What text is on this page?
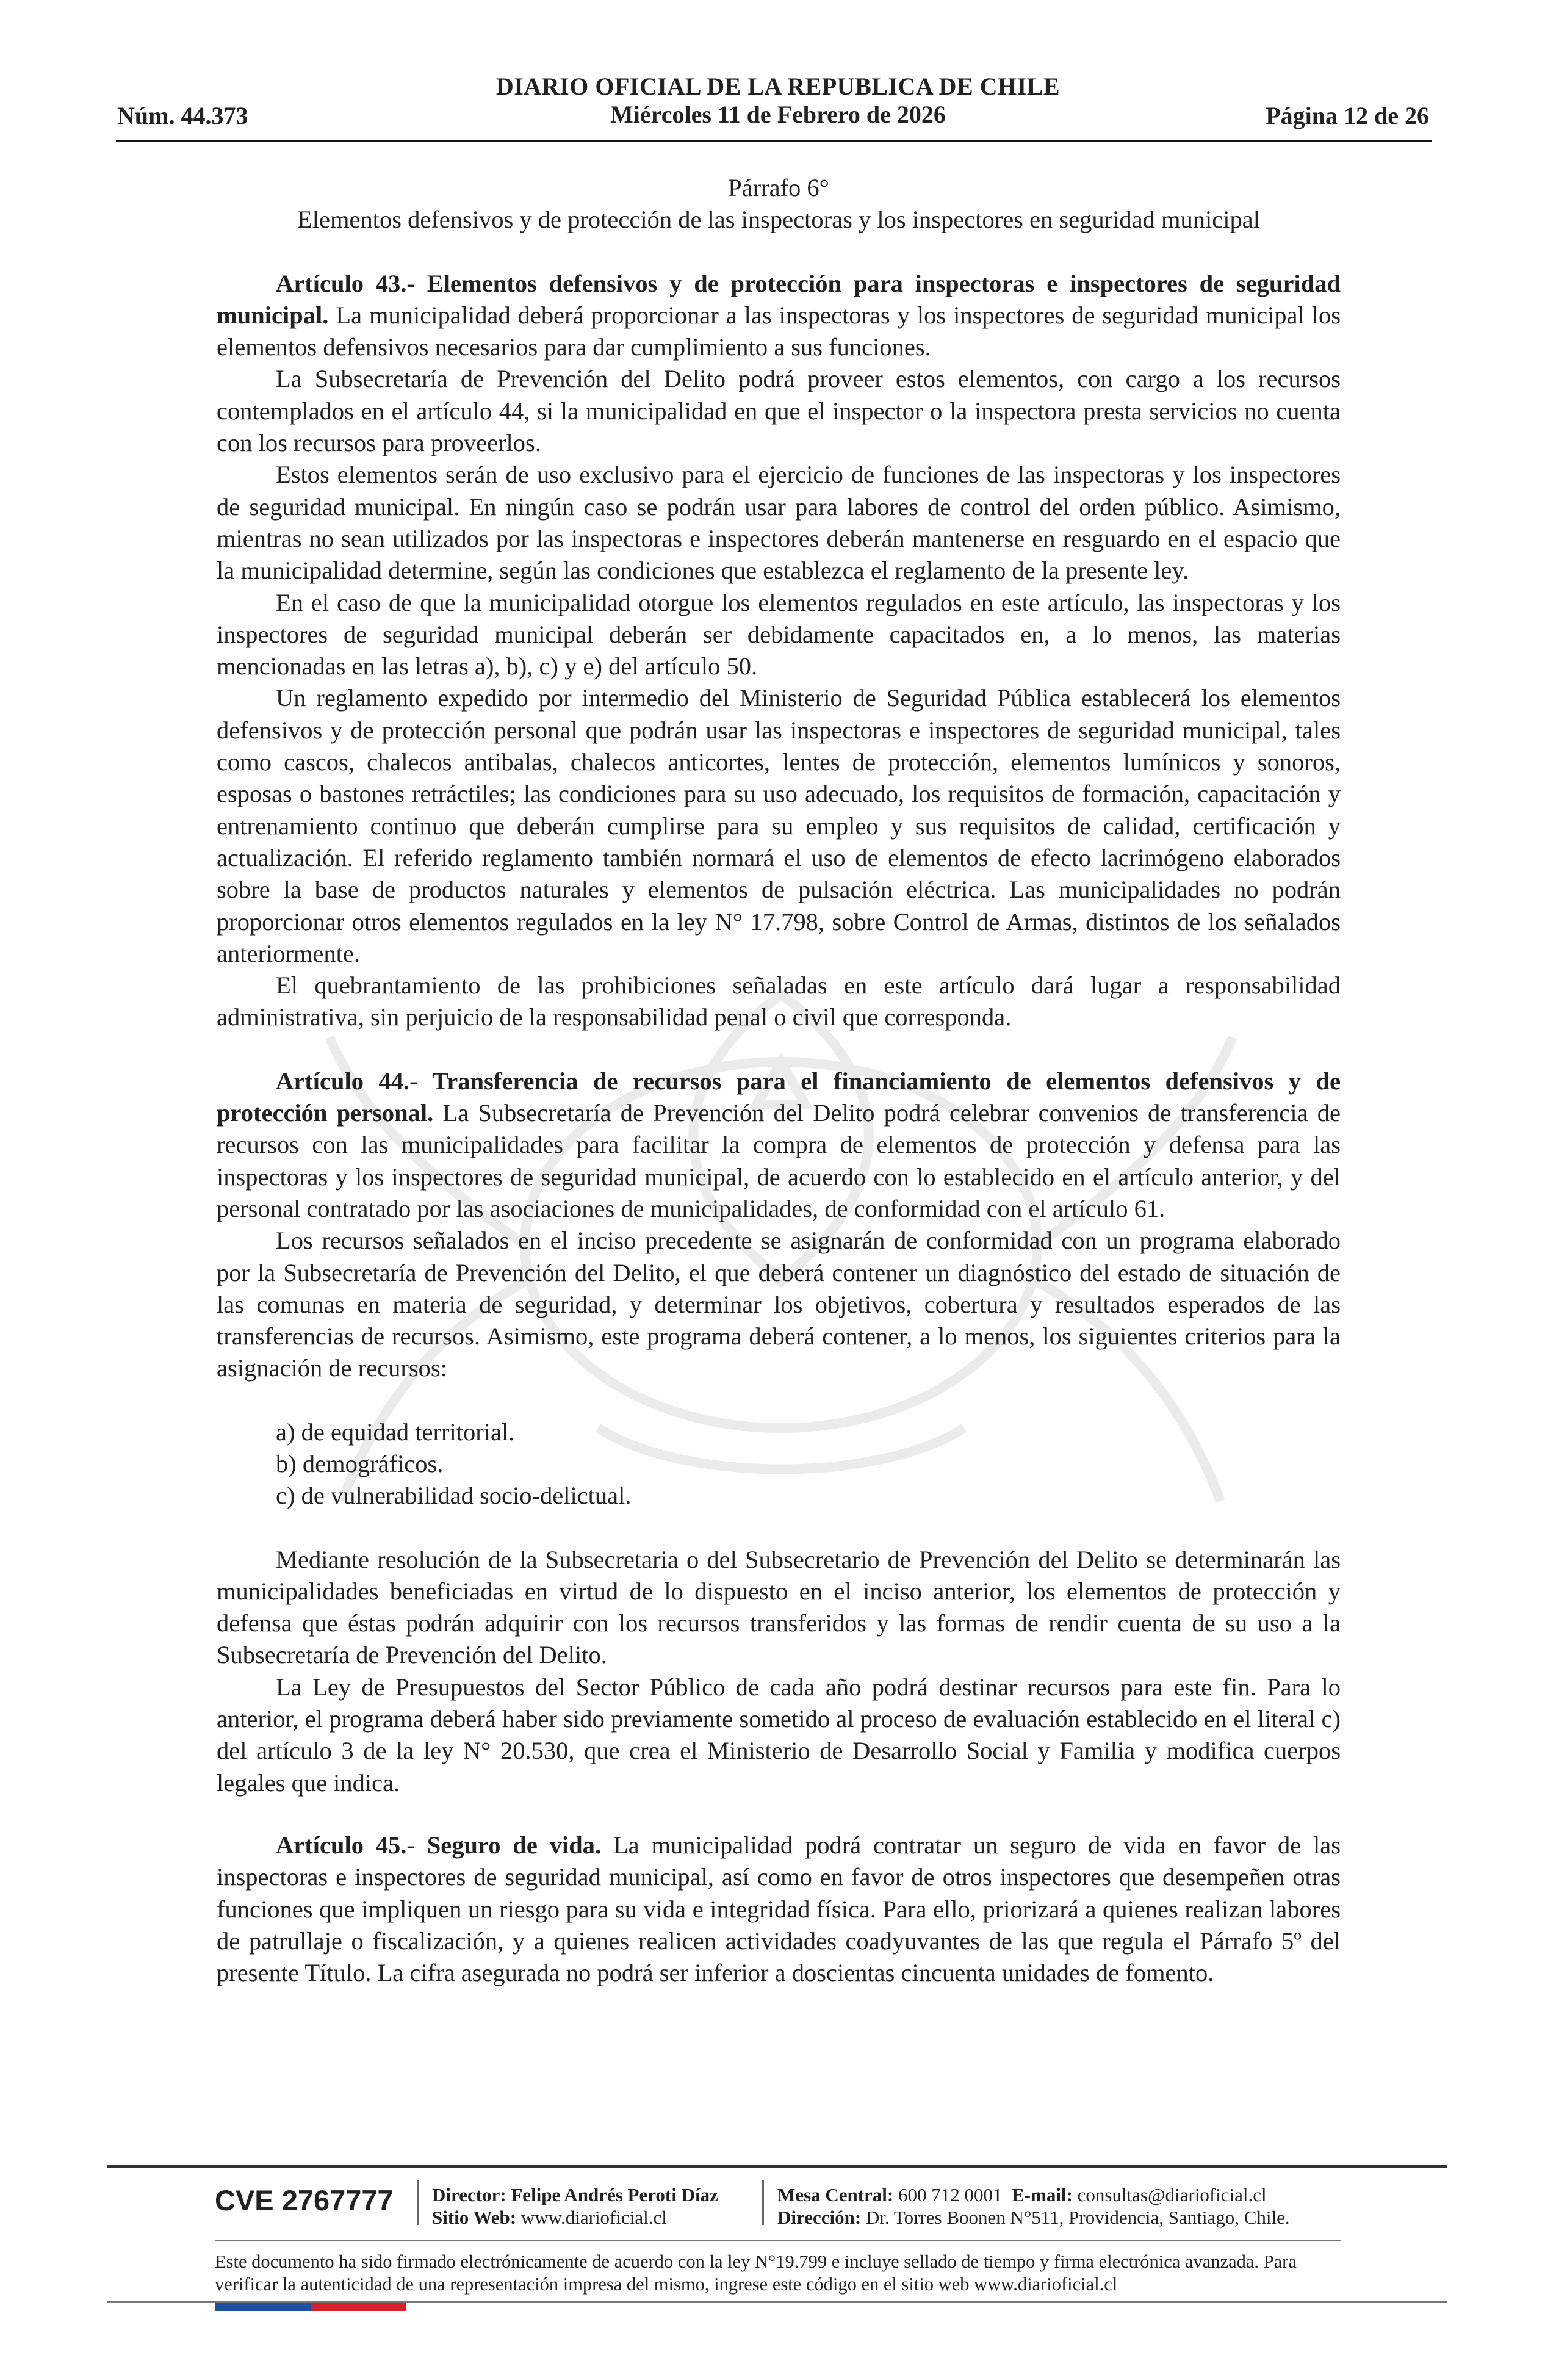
DIARIO OFICIAL DE LA REPUBLICA DE CHILE
Miércoles 11 de Febrero de 2026
Núm. 44.373	Página 12 de 26

Párrafo 6°

Elementos defensivos y de protección de las inspectoras y los inspectores en seguridad municipal

Artículo 43.- Elementos defensivos y de protección para inspectoras e inspectores de seguridad municipal. La municipalidad deberá proporcionar a las inspectoras y los inspectores de seguridad municipal los elementos defensivos necesarios para dar cumplimiento a sus funciones.

La Subsecretaría de Prevención del Delito podrá proveer estos elementos, con cargo a los recursos contemplados en el artículo 44, si la municipalidad en que el inspector o la inspectora presta servicios no cuenta con los recursos para proveerlos.

Estos elementos serán de uso exclusivo para el ejercicio de funciones de las inspectoras y los inspectores de seguridad municipal. En ningún caso se podrán usar para labores de control del orden público. Asimismo, mientras no sean utilizados por las inspectoras e inspectores deberán mantenerse en resguardo en el espacio que la municipalidad determine, según las condiciones que establezca el reglamento de la presente ley.

En el caso de que la municipalidad otorgue los elementos regulados en este artículo, las inspectoras y los inspectores de seguridad municipal deberán ser debidamente capacitados en, a lo menos, las materias mencionadas en las letras a), b), c) y e) del artículo 50.

Un reglamento expedido por intermedio del Ministerio de Seguridad Pública establecerá los elementos defensivos y de protección personal que podrán usar las inspectoras e inspectores de seguridad municipal, tales como cascos, chalecos antibalas, chalecos anticortes, lentes de protección, elementos lumínicos y sonoros, esposas o bastones retráctiles; las condiciones para su uso adecuado, los requisitos de formación, capacitación y entrenamiento continuo que deberán cumplirse para su empleo y sus requisitos de calidad, certificación y actualización. El referido reglamento también normará el uso de elementos de efecto lacrimógeno elaborados sobre la base de productos naturales y elementos de pulsación eléctrica. Las municipalidades no podrán proporcionar otros elementos regulados en la ley N° 17.798, sobre Control de Armas, distintos de los señalados anteriormente.

El quebrantamiento de las prohibiciones señaladas en este artículo dará lugar a responsabilidad administrativa, sin perjuicio de la responsabilidad penal o civil que corresponda.

Artículo 44.- Transferencia de recursos para el financiamiento de elementos defensivos y de protección personal. La Subsecretaría de Prevención del Delito podrá celebrar convenios de transferencia de recursos con las municipalidades para facilitar la compra de elementos de protección y defensa para las inspectoras y los inspectores de seguridad municipal, de acuerdo con lo establecido en el artículo anterior, y del personal contratado por las asociaciones de municipalidades, de conformidad con el artículo 61.

Los recursos señalados en el inciso precedente se asignarán de conformidad con un programa elaborado por la Subsecretaría de Prevención del Delito, el que deberá contener un diagnóstico del estado de situación de las comunas en materia de seguridad, y determinar los objetivos, cobertura y resultados esperados de las transferencias de recursos. Asimismo, este programa deberá contener, a lo menos, los siguientes criterios para la asignación de recursos:

a) de equidad territorial.

b) demográficos.

c) de vulnerabilidad socio-delictual.

Mediante resolución de la Subsecretaria o del Subsecretario de Prevención del Delito se determinarán las municipalidades beneficiadas en virtud de lo dispuesto en el inciso anterior, los elementos de protección y defensa que éstas podrán adquirir con los recursos transferidos y las formas de rendir cuenta de su uso a la Subsecretaría de Prevención del Delito.

La Ley de Presupuestos del Sector Público de cada año podrá destinar recursos para este fin. Para lo anterior, el programa deberá haber sido previamente sometido al proceso de evaluación establecido en el literal c) del artículo 3 de la ley N° 20.530, que crea el Ministerio de Desarrollo Social y Familia y modifica cuerpos legales que indica.

Artículo 45.- Seguro de vida. La municipalidad podrá contratar un seguro de vida en favor de las inspectoras e inspectores de seguridad municipal, así como en favor de otros inspectores que desempeñen otras funciones que impliquen un riesgo para su vida e integridad física. Para ello, priorizará a quienes realizan labores de patrullaje o fiscalización, y a quienes realicen actividades coadyuvantes de las que regula el Párrafo 5º del presente Título. La cifra asegurada no podrá ser inferior a doscientas cincuenta unidades de fomento.

CVE 2767777 Director: Felipe Andrés Peroti Díaz
Sitio Web: www.diarioficial.cl
Mesa Central: 600 712 0001 E-mail: consultas@diarioficial.cl
Dirección: Dr. Torres Boonen N°511, Providencia, Santiago, Chile.
Este documento ha sido firmado electrónicamente de acuerdo con la ley N°19.799 e incluye sellado de tiempo y firma electrónica avanzada. Para verificar la autenticidad de una representación impresa del mismo, ingrese este código en el sitio web www.diarioficial.cl
